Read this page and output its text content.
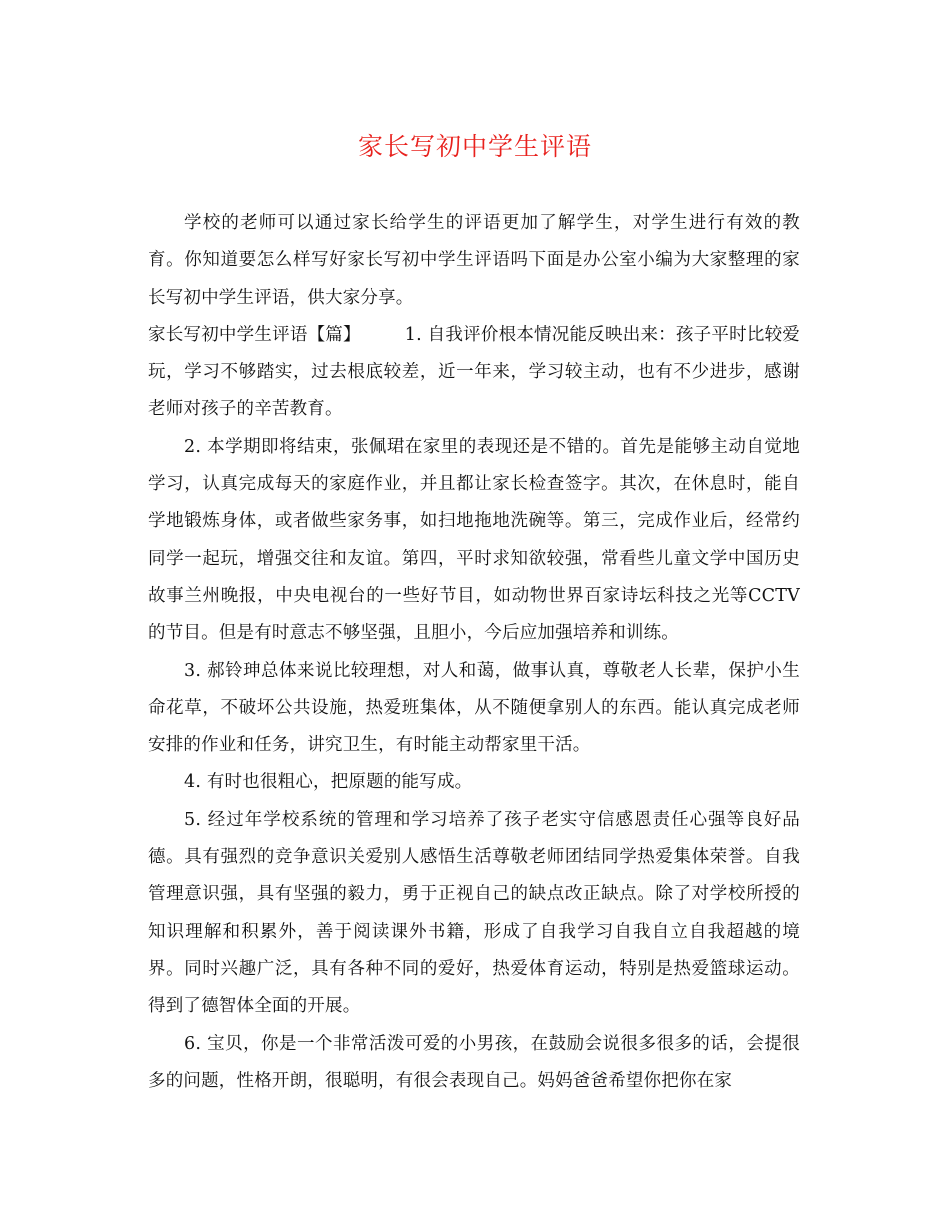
家长写初中学生评语

学校的老师可以通过家长给学生的评语更加了解学生，对学生进行有效的教育。你知道要怎么样写好家长写初中学生评语吗下面是办公室小编为大家整理的家长写初中学生评语，供大家分享。

家长写初中学生评语【篇】	1. 自我评价根本情况能反映出来：孩子平时比较爱玩，学习不够踏实，过去根底较差，近一年来，学习较主动，也有不少进步，感谢老师对孩子的辛苦教育。

2. 本学期即将结束，张佩珺在家里的表现还是不错的。首先是能够主动自觉地学习，认真完成每天的家庭作业，并且都让家长检查签字。其次，在休息时，能自学地锻炼身体，或者做些家务事，如扫地拖地洗碗等。第三，完成作业后，经常约同学一起玩，增强交往和友谊。第四，平时求知欲较强，常看些儿童文学中国历史故事兰州晚报，中央电视台的一些好节目，如动物世界百家诗坛科技之光等CCTV的节目。但是有时意志不够坚强，且胆小，今后应加强培养和训练。

3. 郝铃珅总体来说比较理想，对人和蔼，做事认真，尊敬老人长辈，保护小生命花草，不破坏公共设施，热爱班集体，从不随便拿别人的东西。能认真完成老师安排的作业和任务，讲究卫生，有时能主动帮家里干活。

4. 有时也很粗心，把原题的能写成。

5. 经过年学校系统的管理和学习培养了孩子老实守信感恩责任心强等良好品德。具有强烈的竞争意识关爱别人感悟生活尊敬老师团结同学热爱集体荣誉。自我管理意识强，具有坚强的毅力，勇于正视自己的缺点改正缺点。除了对学校所授的知识理解和积累外，善于阅读课外书籍，形成了自我学习自我自立自我超越的境界。同时兴趣广泛，具有各种不同的爱好，热爱体育运动，特别是热爱篮球运动。得到了德智体全面的开展。

6. 宝贝，你是一个非常活泼可爱的小男孩，在鼓励会说很多很多的话，会提很多的问题，性格开朗，很聪明，有很会表现自己。妈妈爸爸希望你把你在家
